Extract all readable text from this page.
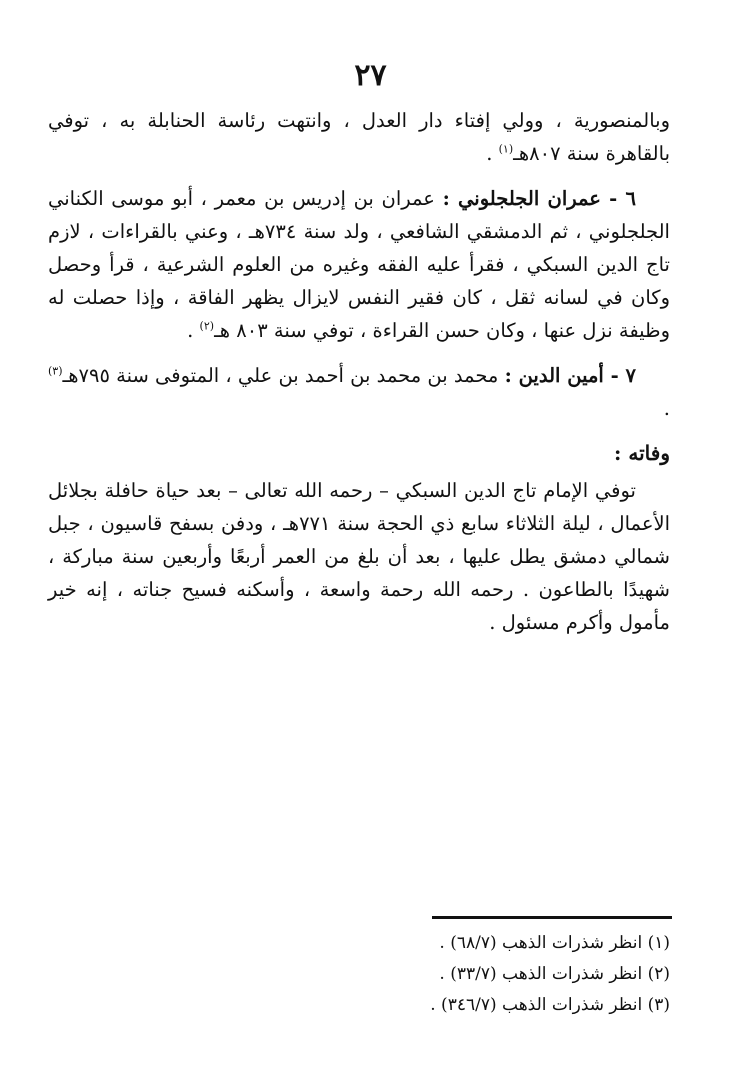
٢٧

وبالمنصورية ، وولي إفتاء دار العدل ، وانتهت رئاسة الحنابلة به ، توفي بالقاهرة سنة ٨٠٧هـ$^{(١)}$ .

٦ - عمران الجلجلوني : عمران بن إدريس بن معمر ، أبو موسى الكناني الجلجلوني ، ثم الدمشقي الشافعي ، ولد سنة ٧٣٤هـ ، وعني بالقراءات ، لازم تاج الدين السبكي ، فقرأ عليه الفقه وغيره من العلوم الشرعية ، قرأ وحصل وكان في لسانه ثقل ، كان فقير النفس لايزال يظهر الفاقة ، وإذا حصلت له وظيفة نزل عنها ، وكان حسن القراءة ، توفي سنة ٨٠٣ هـ$^{(٢)}$ .

٧ - أمين الدين : محمد بن محمد بن أحمد بن علي ، المتوفى سنة ٧٩٥هـ$^{(٣)}$ .

وفاته :

توفي الإمام تاج الدين السبكي – رحمه الله تعالى – بعد حياة حافلة بجلائل الأعمال ، ليلة الثلاثاء سابع ذي الحجة سنة ٧٧١هـ ، ودفن بسفح قاسيون ، جبل شمالي دمشق يطل عليها ، بعد أن بلغ من العمر أربعًا وأربعين سنة مباركة ، شهيدًا بالطاعون . رحمه الله رحمة واسعة ، وأسكنه فسيح جناته ، إنه خير مأمول وأكرم مسئول .

(١) انظر شذرات الذهب (٦٨/٧) .

(٢) انظر شذرات الذهب (٣٣/٧) .

(٣) انظر شذرات الذهب (٣٤٦/٧) .
